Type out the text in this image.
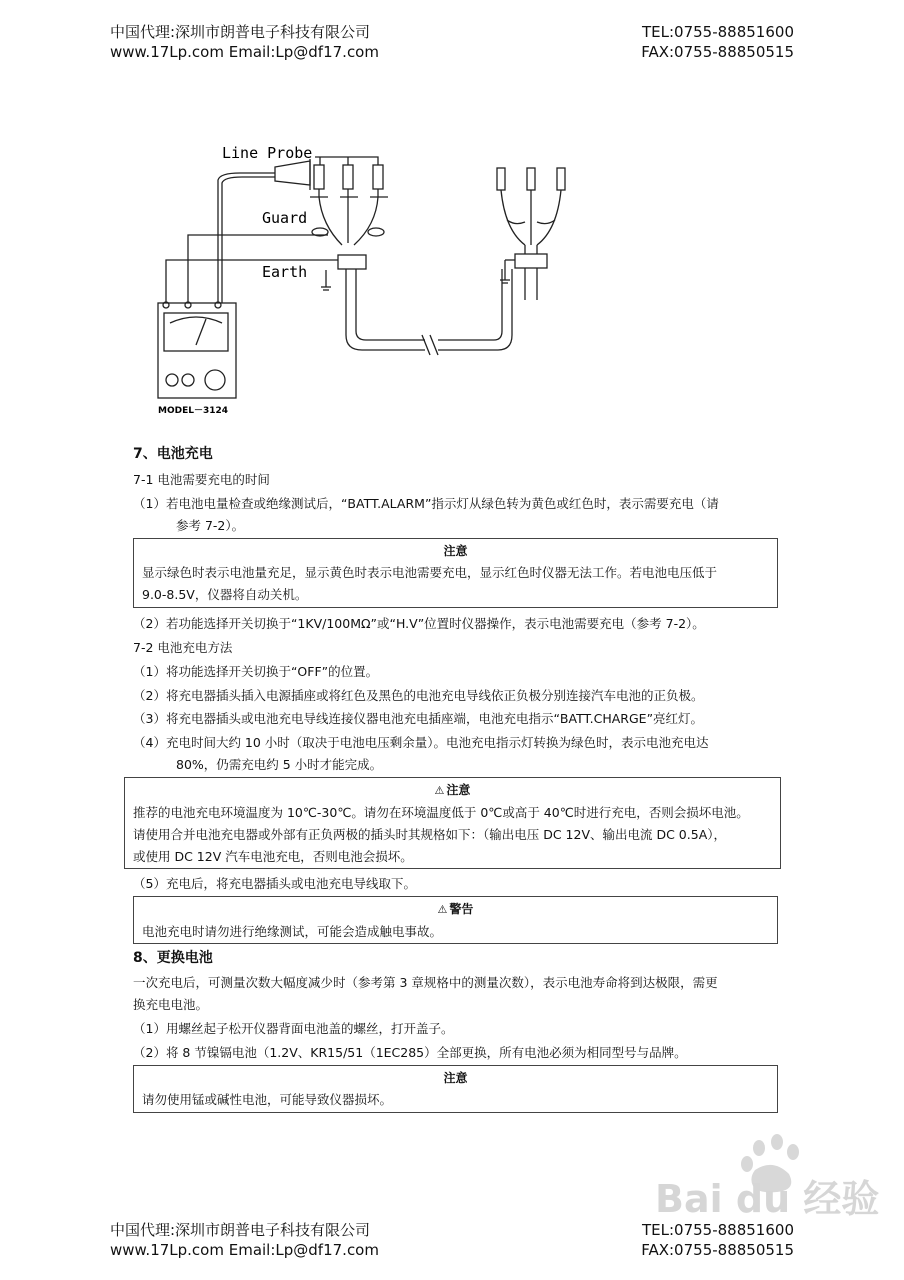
中国代理:深圳市朗普电子科技有限公司
www.17Lp.com Email:Lp@df17.com
TEL:0755-88851600
FAX:0755-88850515
Line Probe
Guard
Earth
MODEL－3124
7、电池充电
7-1 电池需要充电的时间
（1）若电池电量检查或绝缘测试后，“BATT.ALARM”指示灯从绿色转为黄色或红色时，表示需要充电（请
参考 7-2）。
注意
显示绿色时表示电池量充足，显示黄色时表示电池需要充电，显示红色时仪器无法工作。若电池电压低于
9.0-8.5V，仪器将自动关机。
（2）若功能选择开关切换于“1KV/100MΩ”或“H.V”位置时仪器操作，表示电池需要充电（参考 7-2）。
7-2 电池充电方法
（1）将功能选择开关切换于“OFF”的位置。
（2）将充电器插头插入电源插座或将红色及黑色的电池充电导线依正负极分别连接汽车电池的正负极。
（3）将充电器插头或电池充电导线连接仪器电池充电插座端，电池充电指示“BATT.CHARGE”亮红灯。
（4）充电时间大约 10 小时（取决于电池电压剩余量）。电池充电指示灯转换为绿色时，表示电池充电达
80%，仍需充电约 5 小时才能完成。
⚠ 注意
推荐的电池充电环境温度为 10℃-30℃。请勿在环境温度低于 0℃或高于 40℃时进行充电，否则会损坏电池。
请使用合并电池充电器或外部有正负两极的插头时其规格如下：（输出电压 DC 12V、输出电流 DC 0.5A），
或使用 DC 12V 汽车电池充电，否则电池会损坏。
（5）充电后，将充电器插头或电池充电导线取下。
⚠ 警告
电池充电时请勿进行绝缘测试，可能会造成触电事故。
8、更换电池
一次充电后，可测量次数大幅度减少时（参考第 3 章规格中的测量次数），表示电池寿命将到达极限，需更
换充电电池。
（1）用螺丝起子松开仪器背面电池盖的螺丝，打开盖子。
（2）将 8 节镍镉电池（1.2V、KR15/51（1EC285）全部更换，所有电池必须为相同型号与品牌。
注意
请勿使用锰或碱性电池，可能导致仪器损坏。
Bai du 经验
中国代理:深圳市朗普电子科技有限公司
www.17Lp.com Email:Lp@df17.com
TEL:0755-88851600
FAX:0755-88850515
